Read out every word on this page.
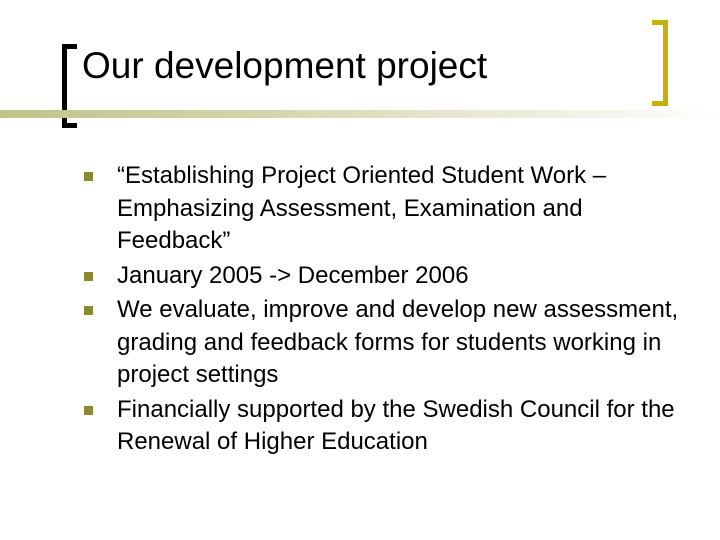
Our development project
“Establishing Project Oriented Student Work – Emphasizing Assessment, Examination and Feedback”
January 2005 -> December 2006
We evaluate, improve and develop new assessment, grading and feedback forms for students working in project settings
Financially supported by the Swedish Council for the Renewal of Higher Education
